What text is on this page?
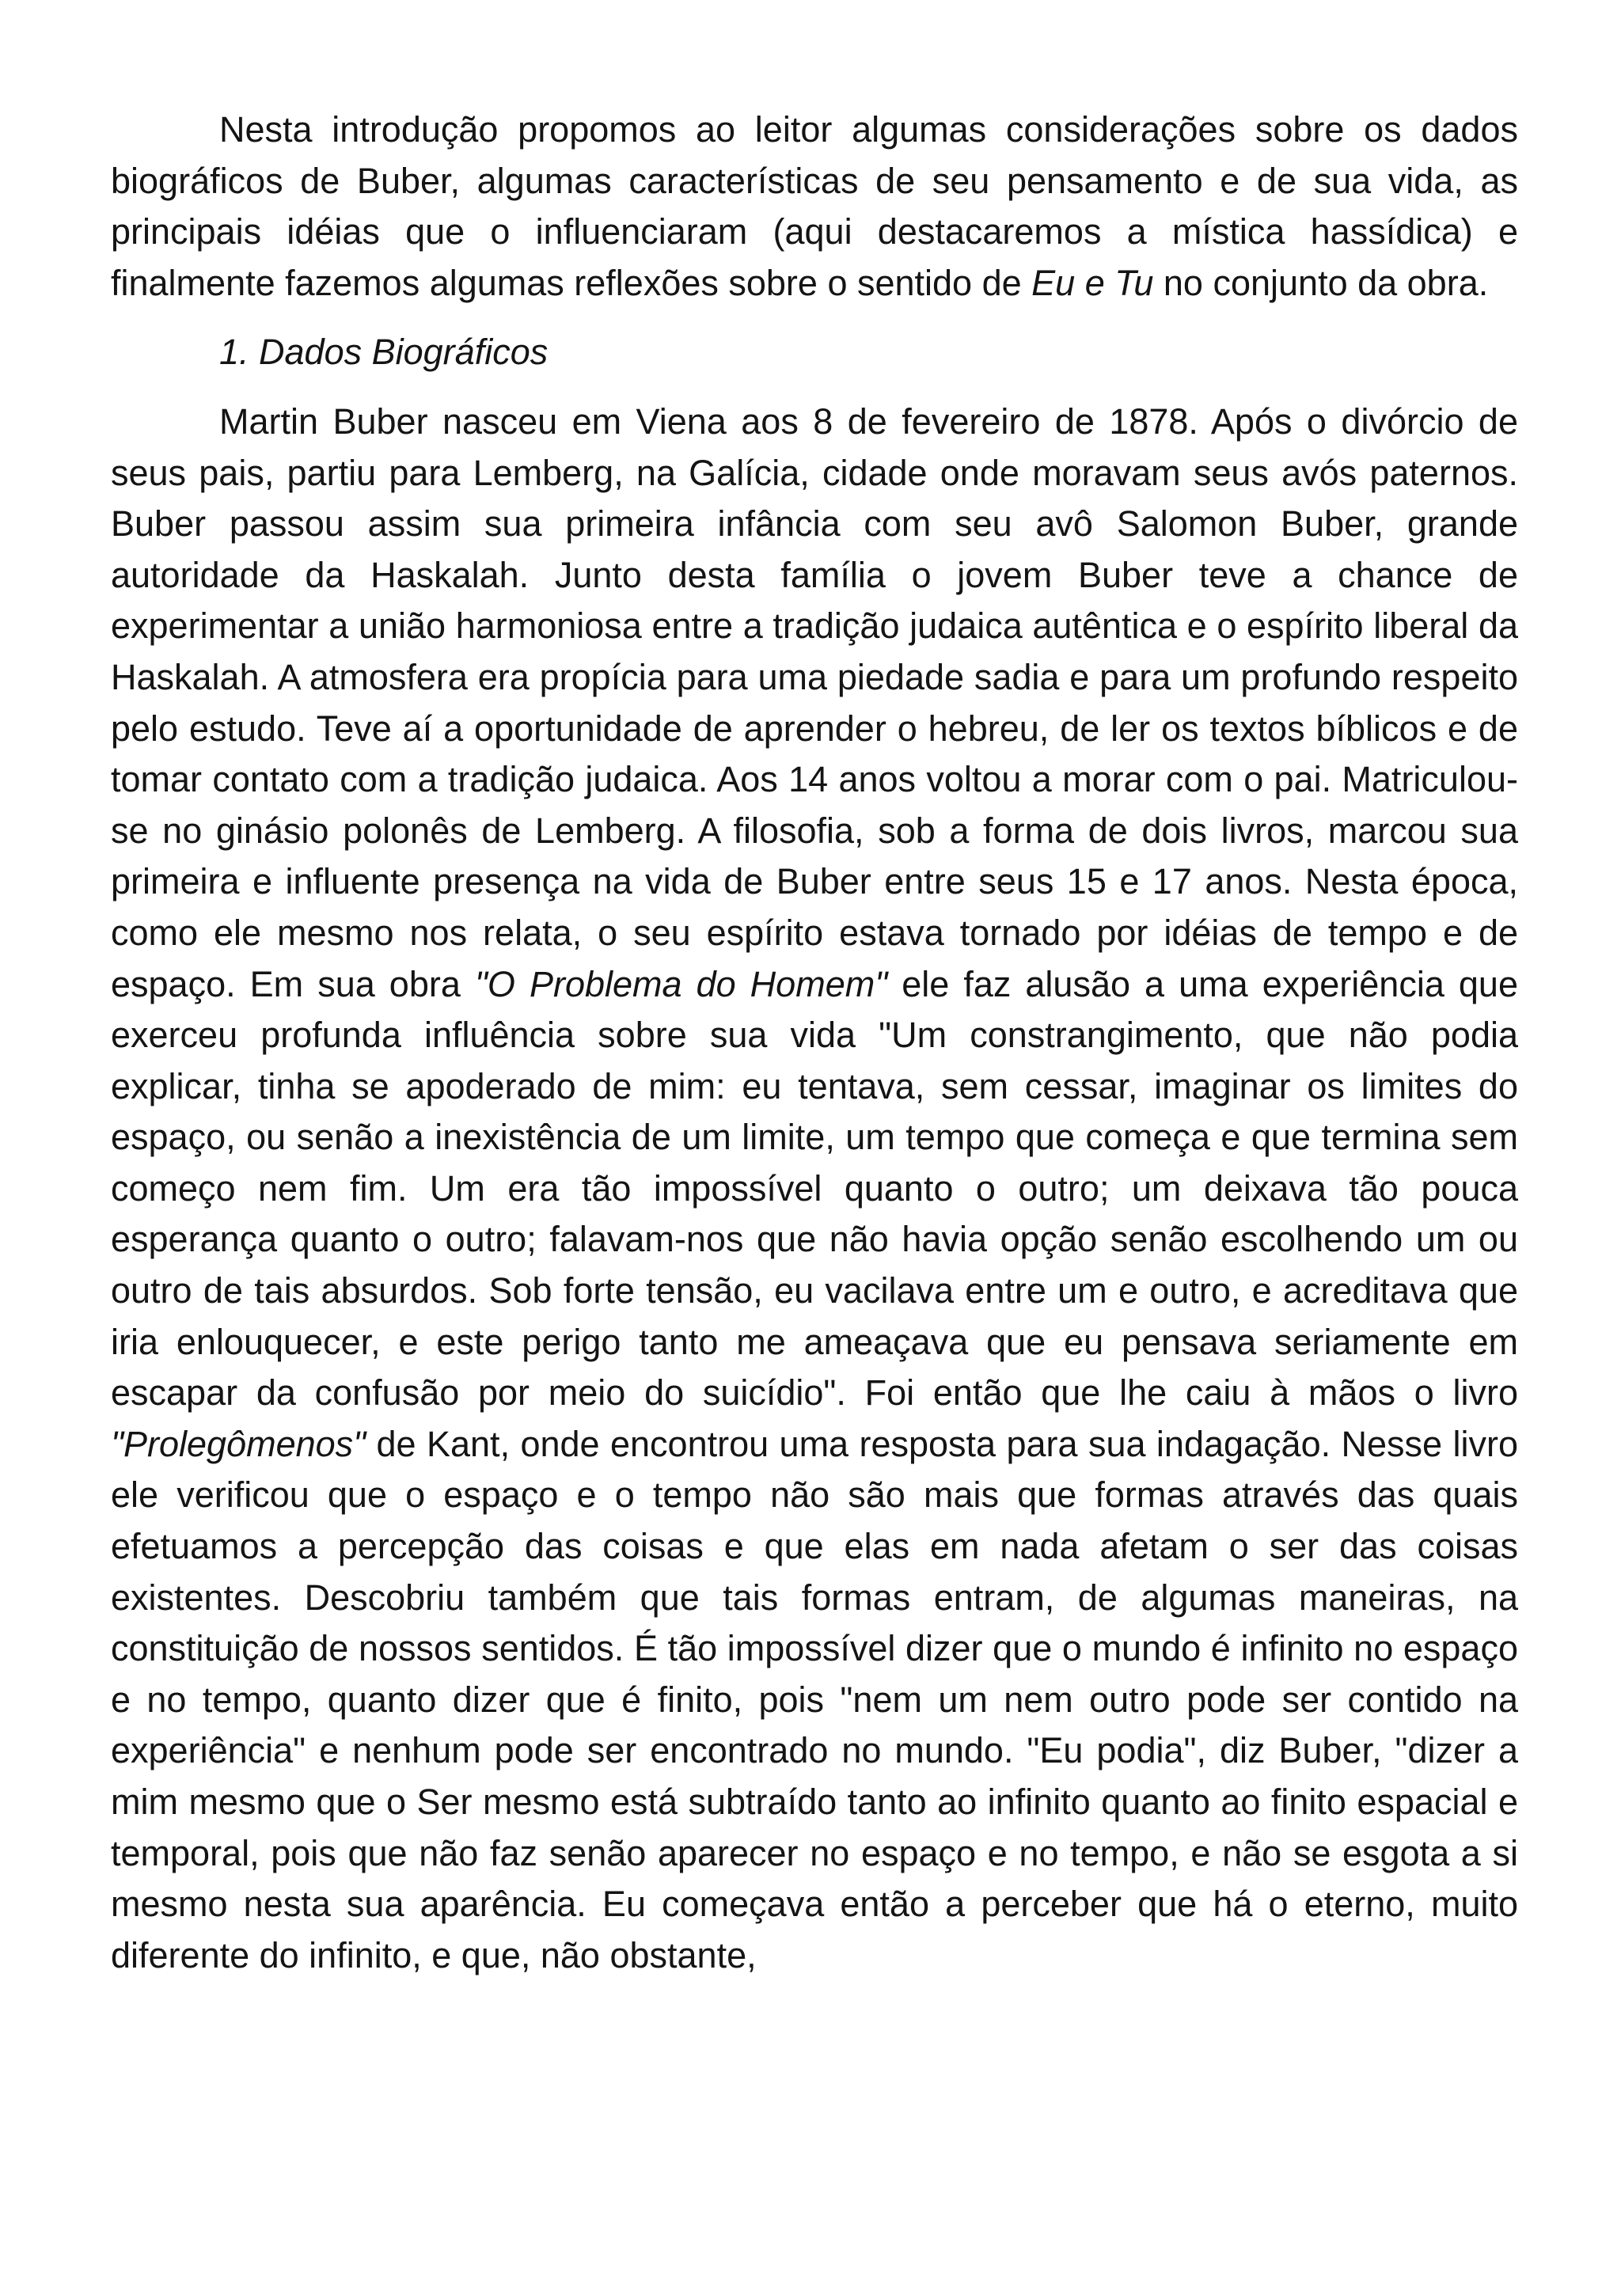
Nesta introdução propomos ao leitor algumas considerações sobre os dados biográficos de Buber, algumas características de seu pensamento e de sua vida, as principais idéias que o influenciaram (aqui destacaremos a mística hassídica) e finalmente fazemos algumas reflexões sobre o sentido de Eu e Tu no conjunto da obra.

1. Dados Biográficos

Martin Buber nasceu em Viena aos 8 de fevereiro de 1878. Após o divórcio de seus pais, partiu para Lemberg, na Galícia, cidade onde moravam seus avós paternos. Buber passou assim sua primeira infância com seu avô Salomon Buber, grande autoridade da Haskalah. Junto desta família o jovem Buber teve a chance de experimentar a união harmoniosa entre a tradição judaica autêntica e o espírito liberal da Haskalah. A atmosfera era propícia para uma piedade sadia e para um profundo respeito pelo estudo. Teve aí a oportunidade de aprender o hebreu, de ler os textos bíblicos e de tomar contato com a tradição judaica. Aos 14 anos voltou a morar com o pai. Matriculou-se no ginásio polonês de Lemberg. A filosofia, sob a forma de dois livros, marcou sua primeira e influente presença na vida de Buber entre seus 15 e 17 anos. Nesta época, como ele mesmo nos relata, o seu espírito estava tornado por idéias de tempo e de espaço. Em sua obra "O Problema do Homem" ele faz alusão a uma experiência que exerceu profunda influência sobre sua vida "Um constrangimento, que não podia explicar, tinha se apoderado de mim: eu tentava, sem cessar, imaginar os limites do espaço, ou senão a inexistência de um limite, um tempo que começa e que termina sem começo nem fim. Um era tão impossível quanto o outro; um deixava tão pouca esperança quanto o outro; falavam-nos que não havia opção senão escolhendo um ou outro de tais absurdos. Sob forte tensão, eu vacilava entre um e outro, e acreditava que iria enlouquecer, e este perigo tanto me ameaçava que eu pensava seriamente em escapar da confusão por meio do suicídio". Foi então que lhe caiu à mãos o livro "Prolegômenos" de Kant, onde encontrou uma resposta para sua indagação. Nesse livro ele verificou que o espaço e o tempo não são mais que formas através das quais efetuamos a percepção das coisas e que elas em nada afetam o ser das coisas existentes. Descobriu também que tais formas entram, de algumas maneiras, na constituição de nossos sentidos. É tão impossível dizer que o mundo é infinito no espaço e no tempo, quanto dizer que é finito, pois "nem um nem outro pode ser contido na experiência" e nenhum pode ser encontrado no mundo. "Eu podia", diz Buber, "dizer a mim mesmo que o Ser mesmo está subtraído tanto ao infinito quanto ao finito espacial e temporal, pois que não faz senão aparecer no espaço e no tempo, e não se esgota a si mesmo nesta sua aparência. Eu começava então a perceber que há o eterno, muito diferente do infinito, e que, não obstante,
